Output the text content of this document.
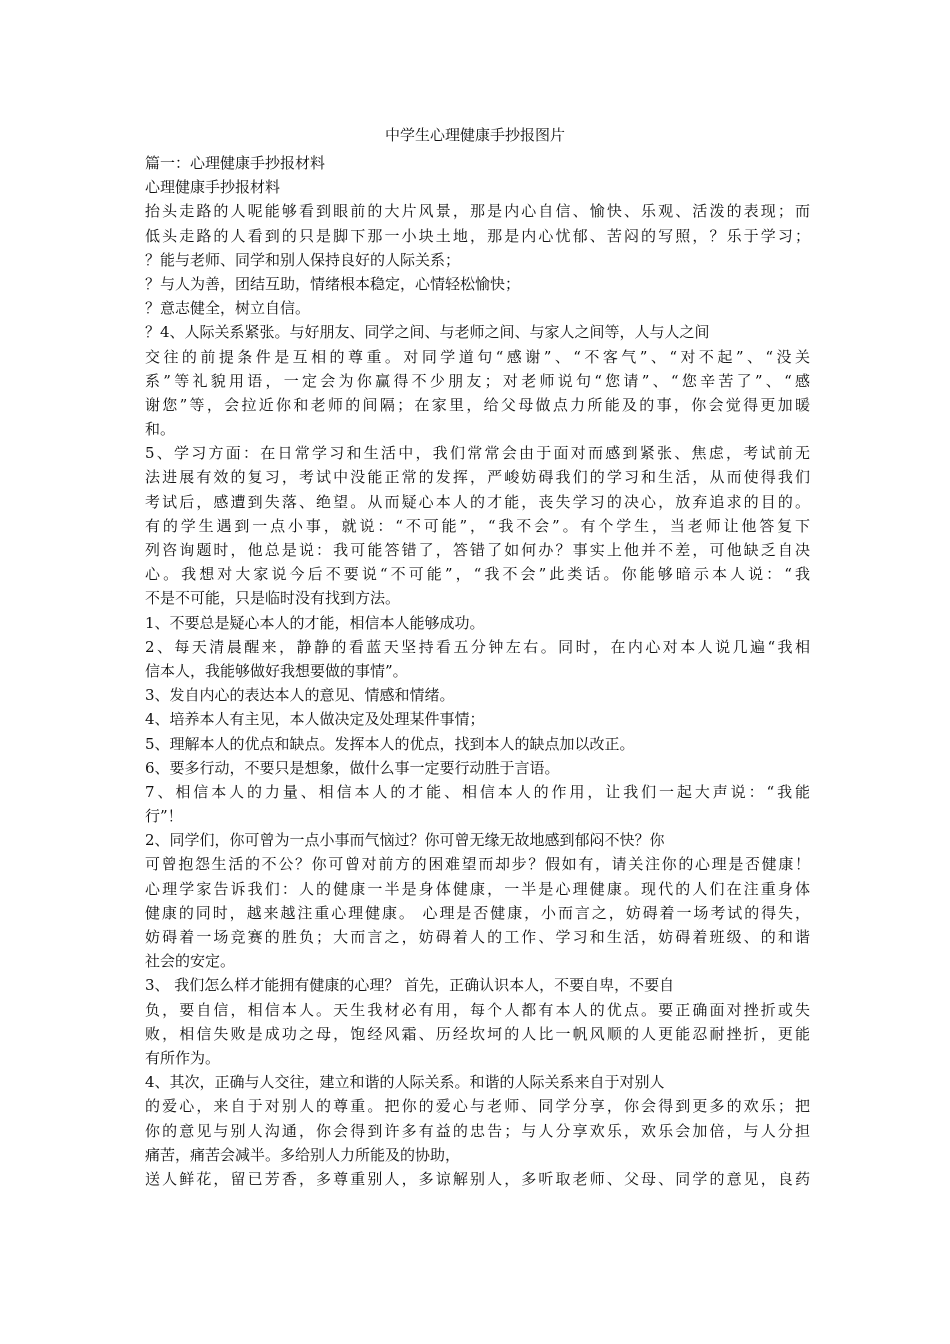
中学生心理健康手抄报图片
篇一：心理健康手抄报材料
心理健康手抄报材料
抬头走路的人呢能够看到眼前的大片风景，那是内心自信、愉快、乐观、活泼的表现；而
低头走路的人看到的只是脚下那一小块土地，那是内心忧郁、苦闷的写照，？乐于学习；
？能与老师、同学和别人保持良好的人际关系；
？与人为善，团结互助，情绪根本稳定，心情轻松愉快；
？意志健全，树立自信。
？4、人际关系紧张。与好朋友、同学之间、与老师之间、与家人之间等，人与人之间
交往的前提条件是互相的尊重。对同学道句“感谢”、“不客气”、“对不起”、“没关
系”等礼貌用语，一定会为你赢得不少朋友；对老师说句“您请”、“您辛苦了”、“感
谢您”等，会拉近你和老师的间隔；在家里，给父母做点力所能及的事，你会觉得更加暖
和。
5、学习方面：在日常学习和生活中，我们常常会由于面对而感到紧张、焦虑，考试前无
法进展有效的复习，考试中没能正常的发挥，严峻妨碍我们的学习和生活，从而使得我们
考试后，感遭到失落、绝望。从而疑心本人的才能，丧失学习的决心，放弃追求的目的。
有的学生遇到一点小事，就说：“不可能”，“我不会”。有个学生，当老师让他答复下
列咨询题时，他总是说：我可能答错了，答错了如何办？事实上他并不差，可他缺乏自决
心。我想对大家说今后不要说“不可能”，“我不会”此类话。你能够暗示本人说：“我
不是不可能，只是临时没有找到方法。
1、不要总是疑心本人的才能，相信本人能够成功。
2、每天清晨醒来，静静的看蓝天坚持看五分钟左右。同时，在内心对本人说几遍“我相
信本人，我能够做好我想要做的事情”。
3、发自内心的表达本人的意见、情感和情绪。
4、培养本人有主见，本人做决定及处理某件事情；
5、理解本人的优点和缺点。发挥本人的优点，找到本人的缺点加以改正。
6、要多行动，不要只是想象，做什么事一定要行动胜于言语。
7、相信本人的力量、相信本人的才能、相信本人的作用，让我们一起大声说：“我能
行”！
2、同学们，你可曾为一点小事而气恼过？你可曾无缘无故地感到郁闷不快？你
可曾抱怨生活的不公？你可曾对前方的困难望而却步？假如有，请关注你的心理是否健康！
心理学家告诉我们：人的健康一半是身体健康，一半是心理健康。现代的人们在注重身体
健康的同时，越来越注重心理健康。 心理是否健康，小而言之，妨碍着一场考试的得失，
妨碍着一场竞赛的胜负；大而言之，妨碍着人的工作、学习和生活，妨碍着班级、的和谐
社会的安定。
3、 我们怎么样才能拥有健康的心理？ 首先，正确认识本人，不要自卑，不要自
负，要自信，相信本人。天生我材必有用，每个人都有本人的优点。要正确面对挫折或失
败，相信失败是成功之母，饱经风霜、历经坎坷的人比一帆风顺的人更能忍耐挫折，更能
有所作为。
4、其次，正确与人交往，建立和谐的人际关系。和谐的人际关系来自于对别人
的爱心，来自于对别人的尊重。把你的爱心与老师、同学分享，你会得到更多的欢乐；把
你的意见与别人沟通，你会得到许多有益的忠告；与人分享欢乐，欢乐会加倍，与人分担
痛苦，痛苦会减半。多给别人力所能及的协助，
送人鲜花，留已芳香，多尊重别人，多谅解别人，多听取老师、父母、同学的意见，良药
